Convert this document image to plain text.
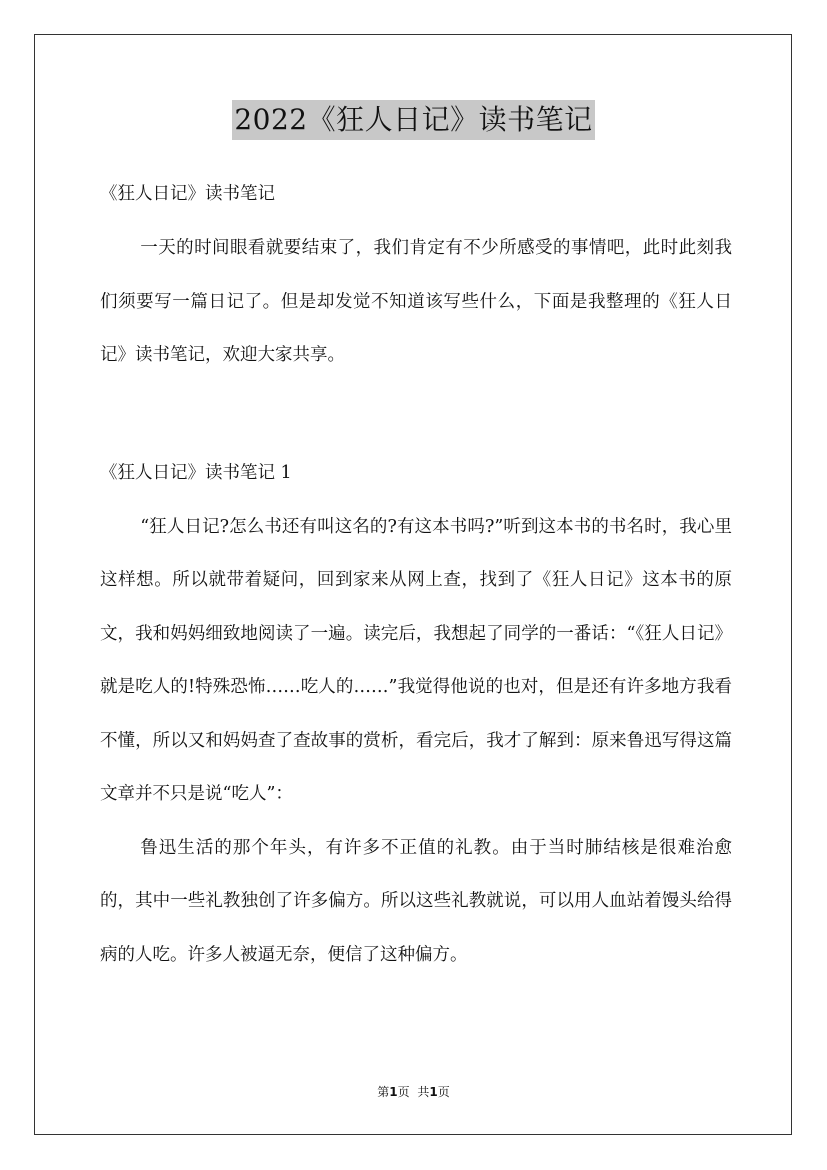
2022《狂人日记》读书笔记
《狂人日记》读书笔记

一天的时间眼看就要结束了，我们肯定有不少所感受的事情吧，此时此刻我们须要写一篇日记了。但是却发觉不知道该写些什么，下面是我整理的《狂人日记》读书笔记，欢迎大家共享。

《狂人日记》读书笔记 1

“狂人日记?怎么书还有叫这名的?有这本书吗?”听到这本书的书名时，我心里这样想。所以就带着疑问，回到家来从网上查，找到了《狂人日记》这本书的原文，我和妈妈细致地阅读了一遍。读完后，我想起了同学的一番话：“《狂人日记》就是吃人的!特殊恐怖……吃人的……”我觉得他说的也对，但是还有许多地方我看不懂，所以又和妈妈查了查故事的赏析，看完后，我才了解到：原来鲁迅写得这篇文章并不只是说“吃人”：

鲁迅生活的那个年头，有许多不正值的礼教。由于当时肺结核是很难治愈的，其中一些礼教独创了许多偏方。所以这些礼教就说，可以用人血站着馒头给得病的人吃。许多人被逼无奈，便信了这种偏方。

第1页 共1页
